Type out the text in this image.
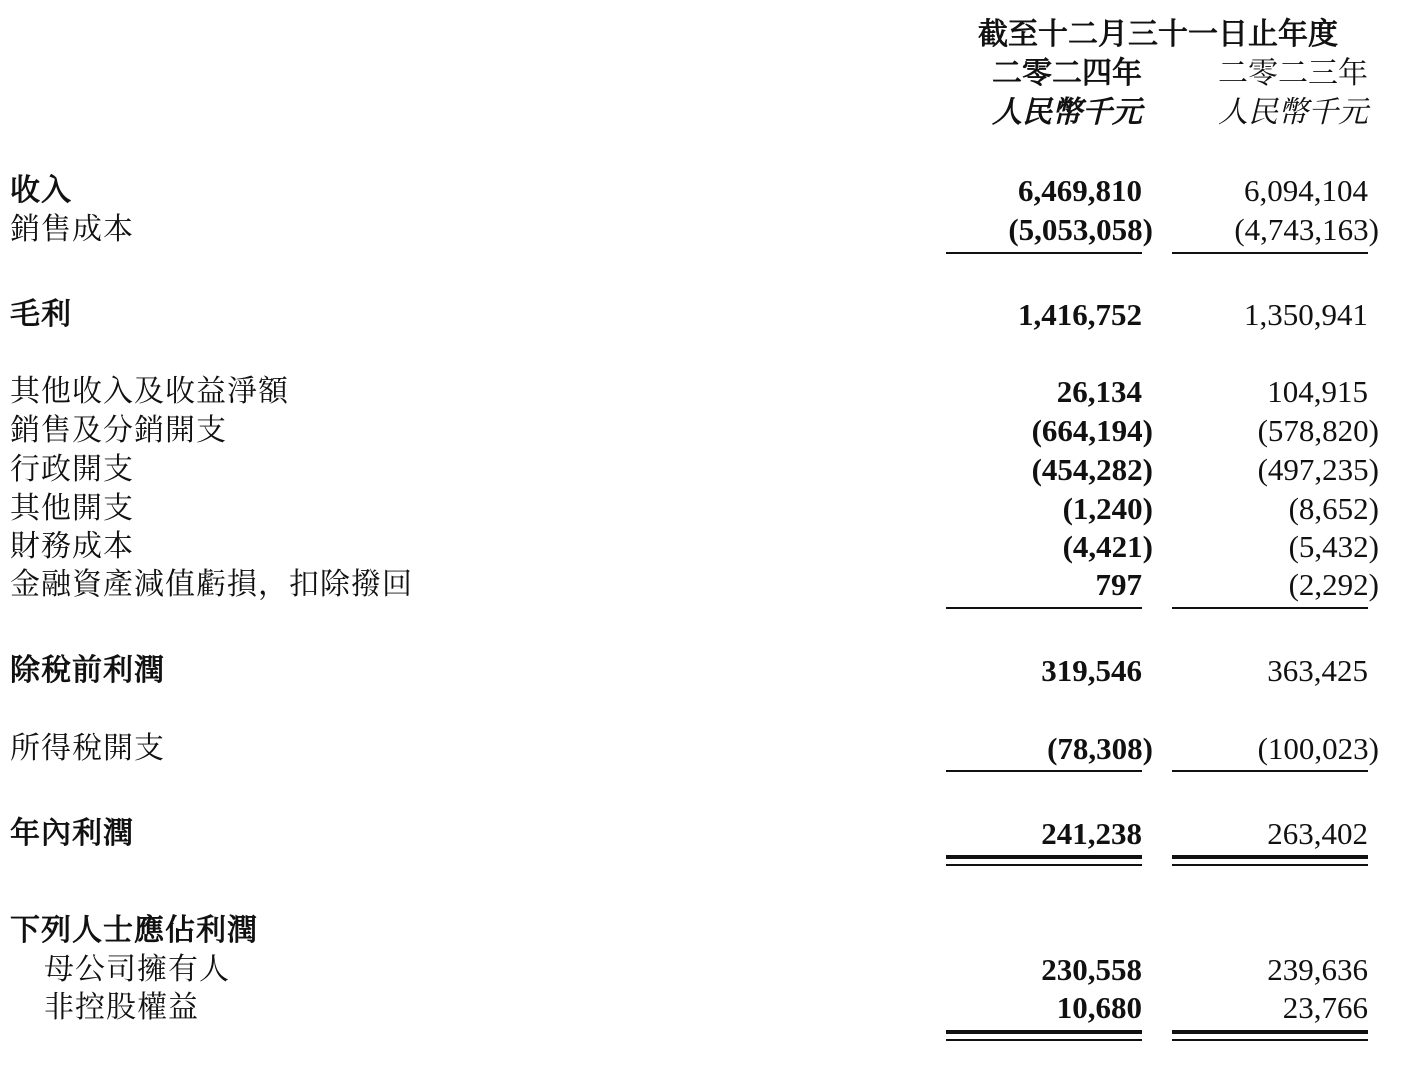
截至十二月三十一日止年度
二零二四年	二零二三年
人民幣千元	人民幣千元
收入	6,469,810	6,094,104
銷售成本	(5,053,058)	(4,743,163)
毛利	1,416,752	1,350,941
其他收入及收益淨額	26,134	104,915
銷售及分銷開支	(664,194)	(578,820)
行政開支	(454,282)	(497,235)
其他開支	(1,240)	(8,652)
財務成本	(4,421)	(5,432)
金融資產減值虧損，扣除撥回	797	(2,292)
除稅前利潤	319,546	363,425
所得稅開支	(78,308)	(100,023)
年內利潤	241,238	263,402
下列人士應佔利潤
母公司擁有人	230,558	239,636
非控股權益	10,680	23,766
